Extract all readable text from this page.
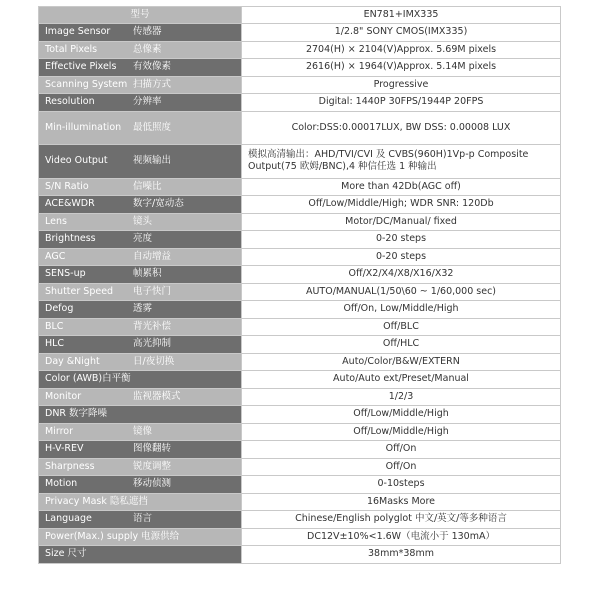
型号	EN781+IMX335
Image Sensor 传感器	1/2.8" SONY CMOS(IMX335)
Total Pixels 总像素	2704(H) × 2104(V)Approx. 5.69M pixels
Effective Pixels 有效像素	2616(H) × 1964(V)Approx. 5.14M pixels
Scanning System 扫描方式	Progressive
Resolution 分辨率	Digital: 1440P 30FPS/1944P 20FPS
Min-illumination 最低照度	Color:DSS:0.00017LUX, BW DSS: 0.00008 LUX
Video Output 视频输出	模拟高清输出：AHD/TVI/CVI 及 CVBS(960H)1Vp-p Composite Output(75 欧姆/BNC),4 种信任选 1 种输出
S/N Ratio 信噪比	More than 42Db(AGC off)
ACE&WDR 数字/宽动态	Off/Low/Middle/High; WDR SNR: 120Db
Lens 镜头	Motor/DC/Manual/ fixed
Brightness 亮度	0-20 steps
AGC 自动增益	0-20 steps
SENS-up 帧累积	Off/X2/X4/X8/X16/X32
Shutter Speed 电子快门	AUTO/MANUAL(1/50\60 ~ 1/60,000 sec)
Defog 透雾	Off/On, Low/Middle/High
BLC 背光补偿	Off/BLC
HLC 高光抑制	Off/HLC
Day &Night 日/夜切换	Auto/Color/B&W/EXTERN
Color (AWB)白平衡	Auto/Auto ext/Preset/Manual
Monitor 监视器模式	1/2/3
DNR 数字降噪	Off/Low/Middle/High
Mirror 镜像	Off/Low/Middle/High
H-V-REV 图像翻转	Off/On
Sharpness 锐度调整	Off/On
Motion 移动侦测	0-10steps
Privacy Mask 隐私遮挡	16Masks More
Language 语言	Chinese/English polyglot 中文/英文/等多种语言
Power(Max.) supply 电源供给	DC12V±10%<1.6W（电流小于 130mA）
Size 尺寸	38mm*38mm
